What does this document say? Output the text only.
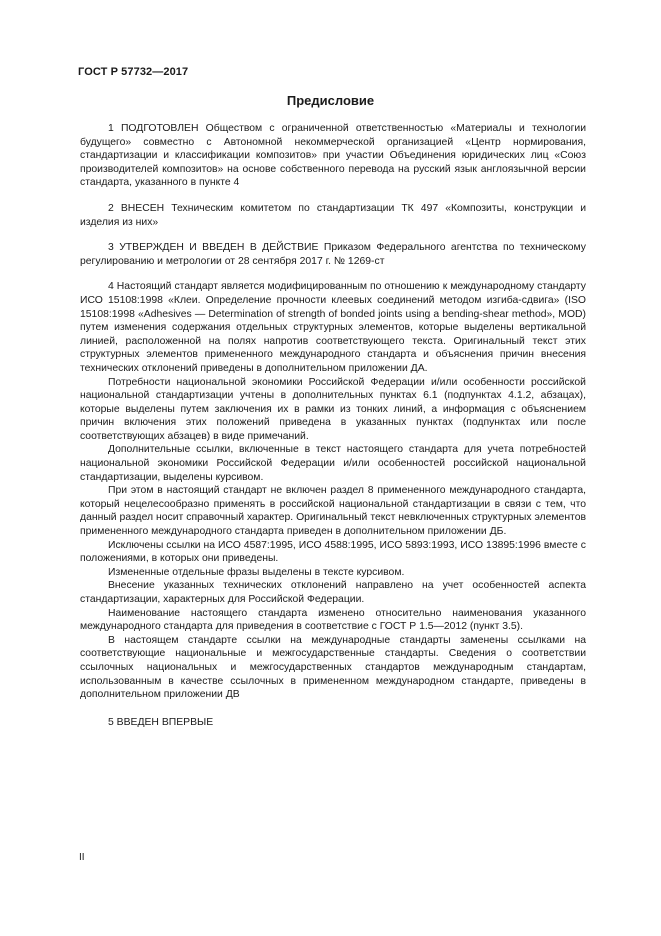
ГОСТ Р 57732—2017
Предисловие

1 ПОДГОТОВЛЕН Обществом с ограниченной ответственностью «Материалы и технологии будущего» совместно с Автономной некоммерческой организацией «Центр нормирования, стандартизации и классификации композитов» при участии Объединения юридических лиц «Союз производителей композитов» на основе собственного перевода на русский язык англоязычной версии стандарта, указанного в пункте 4

2 ВНЕСЕН Техническим комитетом по стандартизации ТК 497 «Композиты, конструкции и изделия из них»

3 УТВЕРЖДЕН И ВВЕДЕН В ДЕЙСТВИЕ Приказом Федерального агентства по техническому регулированию и метрологии от 28 сентября 2017 г. № 1269-ст

4 Настоящий стандарт является модифицированным по отношению к международному стандарту ИСО 15108:1998 «Клеи. Определение прочности клеевых соединений методом изгиба-сдвига» (ISO 15108:1998 «Adhesives — Determination of strength of bonded joints using a bending-shear method», MOD) путем изменения содержания отдельных структурных элементов, которые выделены вертикальной линией, расположенной на полях напротив соответствующего текста. Оригинальный текст этих структурных элементов примененного международного стандарта и объяснения причин внесения технических отклонений приведены в дополнительном приложении ДА.

Потребности национальной экономики Российской Федерации и/или особенности российской национальной стандартизации учтены в дополнительных пунктах 6.1 (подпунктах 4.1.2, абзацах), которые выделены путем заключения их в рамки из тонких линий, а информация с объяснением причин включения этих положений приведена в указанных пунктах (подпунктах или после соответствующих абзацев) в виде примечаний.

Дополнительные ссылки, включенные в текст настоящего стандарта для учета потребностей национальной экономики Российской Федерации и/или особенностей российской национальной стандартизации, выделены курсивом.

При этом в настоящий стандарт не включен раздел 8 примененного международного стандарта, который нецелесообразно применять в российской национальной стандартизации в связи с тем, что данный раздел носит справочный характер. Оригинальный текст невключенных структурных элементов примененного международного стандарта приведен в дополнительном приложении ДБ.

Исключены ссылки на ИСО 4587:1995, ИСО 4588:1995, ИСО 5893:1993, ИСО 13895:1996 вместе с положениями, в которых они приведены.

Измененные отдельные фразы выделены в тексте курсивом.

Внесение указанных технических отклонений направлено на учет особенностей аспекта стандартизации, характерных для Российской Федерации.

Наименование настоящего стандарта изменено относительно наименования указанного международного стандарта для приведения в соответствие с ГОСТ Р 1.5—2012 (пункт 3.5).

В настоящем стандарте ссылки на международные стандарты заменены ссылками на соответствующие национальные и межгосударственные стандарты. Сведения о соответствии ссылочных национальных и межгосударственных стандартов международным стандартам, использованным в качестве ссылочных в примененном международном стандарте, приведены в дополнительном приложении ДВ

5 ВВЕДЕН ВПЕРВЫЕ

II
